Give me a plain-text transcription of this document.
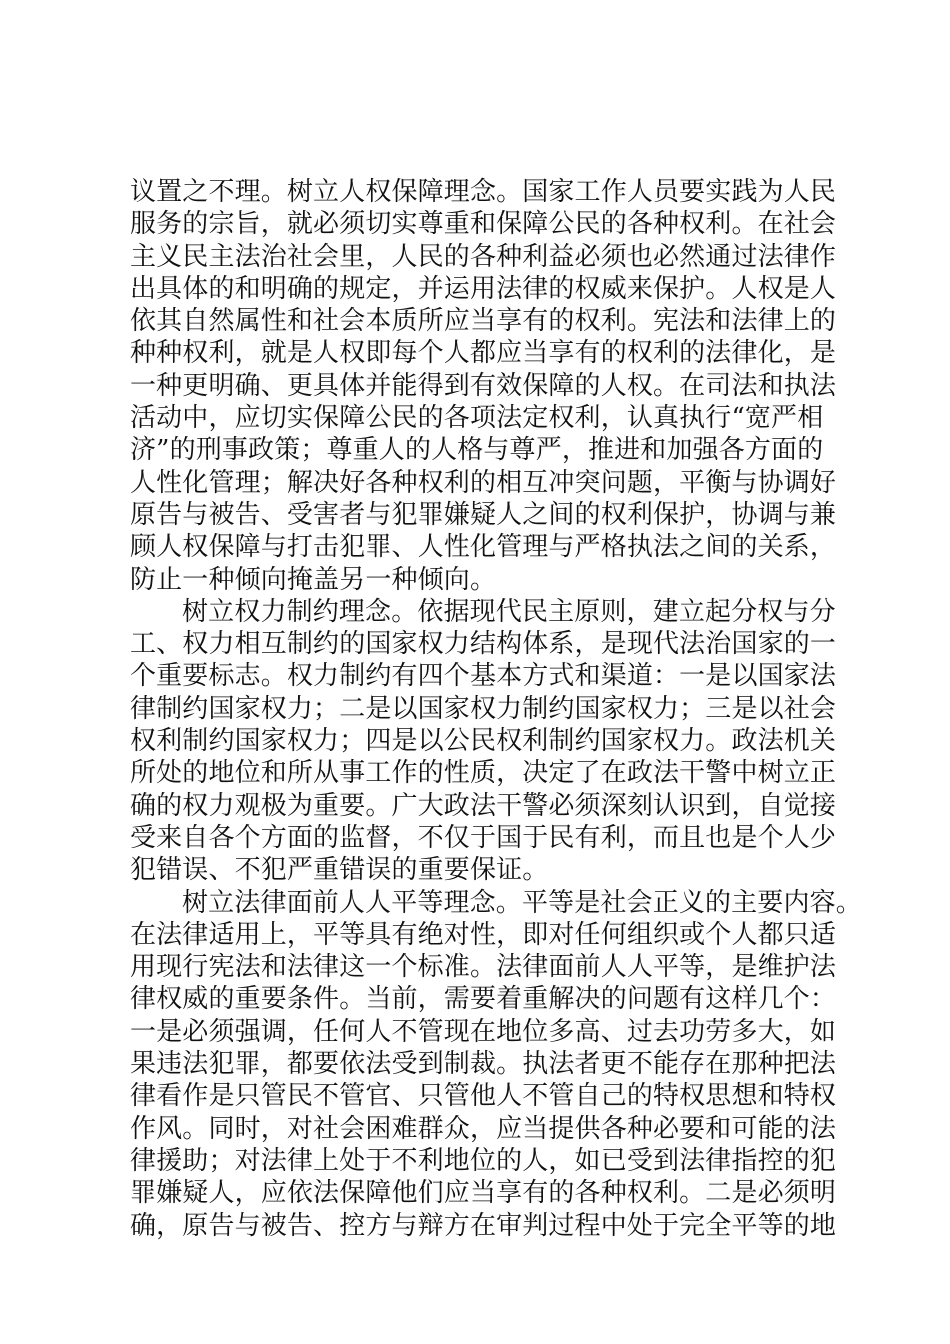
议置之不理。树立人权保障理念。国家工作人员要实践为人民
服务的宗旨，就必须切实尊重和保障公民的各种权利。在社会
主义民主法治社会里，人民的各种利益必须也必然通过法律作
出具体的和明确的规定，并运用法律的权威来保护。人权是人
依其自然属性和社会本质所应当享有的权利。宪法和法律上的
种种权利，就是人权即每个人都应当享有的权利的法律化，是
一种更明确、更具体并能得到有效保障的人权。在司法和执法
活动中，应切实保障公民的各项法定权利，认真执行“宽严相
济”的刑事政策；尊重人的人格与尊严，推进和加强各方面的
人性化管理；解决好各种权利的相互冲突问题，平衡与协调好
原告与被告、受害者与犯罪嫌疑人之间的权利保护，协调与兼
顾人权保障与打击犯罪、人性化管理与严格执法之间的关系，
防止一种倾向掩盖另一种倾向。
树立权力制约理念。依据现代民主原则，建立起分权与分
工、权力相互制约的国家权力结构体系，是现代法治国家的一
个重要标志。权力制约有四个基本方式和渠道：一是以国家法
律制约国家权力；二是以国家权力制约国家权力；三是以社会
权利制约国家权力；四是以公民权利制约国家权力。政法机关
所处的地位和所从事工作的性质，决定了在政法干警中树立正
确的权力观极为重要。广大政法干警必须深刻认识到，自觉接
受来自各个方面的监督，不仅于国于民有利，而且也是个人少
犯错误、不犯严重错误的重要保证。
树立法律面前人人平等理念。平等是社会正义的主要内容。
在法律适用上，平等具有绝对性，即对任何组织或个人都只适
用现行宪法和法律这一个标准。法律面前人人平等，是维护法
律权威的重要条件。当前，需要着重解决的问题有这样几个：
一是必须强调，任何人不管现在地位多高、过去功劳多大，如
果违法犯罪，都要依法受到制裁。执法者更不能存在那种把法
律看作是只管民不管官、只管他人不管自己的特权思想和特权
作风。同时，对社会困难群众，应当提供各种必要和可能的法
律援助；对法律上处于不利地位的人，如已受到法律指控的犯
罪嫌疑人，应依法保障他们应当享有的各种权利。二是必须明
确，原告与被告、控方与辩方在审判过程中处于完全平等的地
